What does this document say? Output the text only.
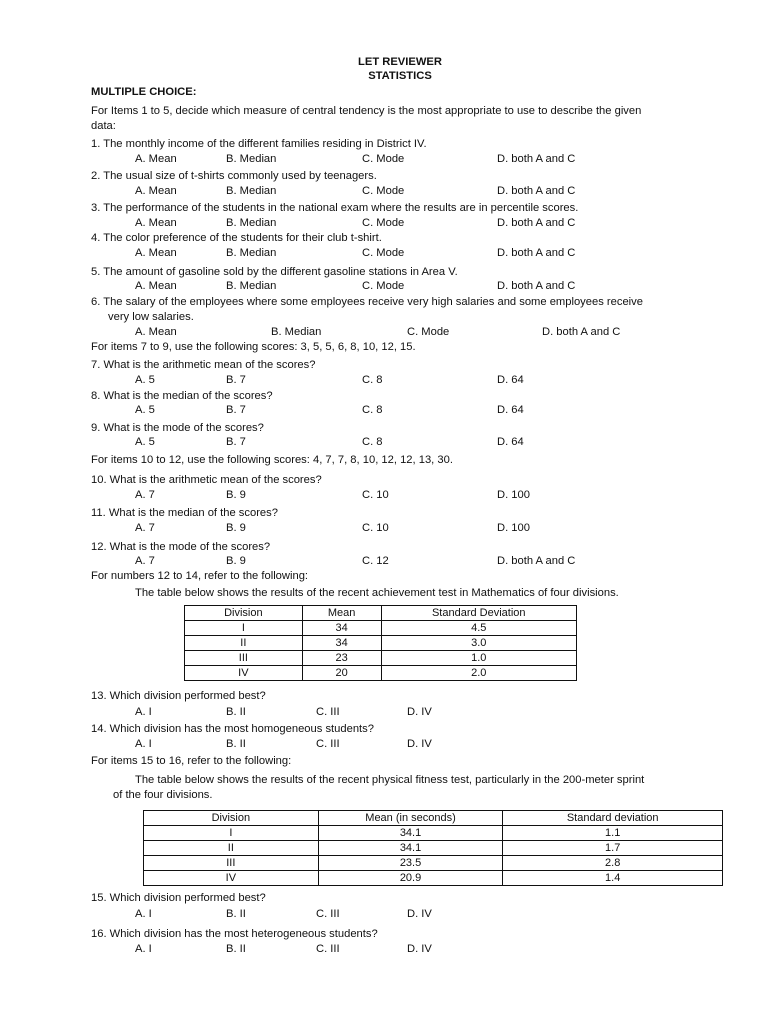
LET REVIEWER
STATISTICS
MULTIPLE CHOICE:
For Items 1 to 5, decide which measure of central tendency is the most appropriate to use to describe the given
data:
1. The monthly income of the different families residing in District IV.
A. Mean	B. Median	C. Mode	D. both A and C
2. The usual size of t-shirts commonly used by teenagers.
A. Mean	B. Median	C. Mode	D. both A and C
3. The performance of the students in the national exam where the results are in percentile scores.
A. Mean	B. Median	C. Mode	D. both A and C
4. The color preference of the students for their club t-shirt.
A. Mean	B. Median	C. Mode	D. both A and C
5. The amount of gasoline sold by the different gasoline stations in Area V.
A. Mean	B. Median	C. Mode	D. both A and C
6. The salary of the employees where some employees receive very high salaries and some employees receive
very low salaries.
A. Mean	B. Median	C. Mode	D. both A and C
For items 7 to 9, use the following scores: 3, 5, 5, 6, 8, 10, 12, 15.
7. What is the arithmetic mean of the scores?
A. 5	B. 7	C. 8	D. 64
8. What is the median of the scores?
A. 5	B. 7	C. 8	D. 64
9. What is the mode of the scores?
A. 5	B. 7	C. 8	D. 64
For items 10 to 12, use the following scores: 4, 7, 7, 8, 10, 12, 12, 13, 30.
10. What is the arithmetic mean of the scores?
A. 7	B. 9	C. 10	D. 100
11. What is the median of the scores?
A. 7	B. 9	C. 10	D. 100
12. What is the mode of the scores?
A. 7	B. 9	C. 12	D. both A and C
For numbers 12 to 14, refer to the following:
The table below shows the results of the recent achievement test in Mathematics of four divisions.
Division	Mean	Standard Deviation
I	34	4.5
II	34	3.0
III	23	1.0
IV	20	2.0
13. Which division performed best?
A. I	B. II	C. III	D. IV
14. Which division has the most homogeneous students?
A. I	B. II	C. III	D. IV
For items 15 to 16, refer to the following:
The table below shows the results of the recent physical fitness test, particularly in the 200-meter sprint
of the four divisions.
Division	Mean (in seconds)	Standard deviation
I	34.1	1.1
II	34.1	1.7
III	23.5	2.8
IV	20.9	1.4
15. Which division performed best?
A. I	B. II	C. III	D. IV
16. Which division has the most heterogeneous students?
A. I	B. II	C. III	D. IV
